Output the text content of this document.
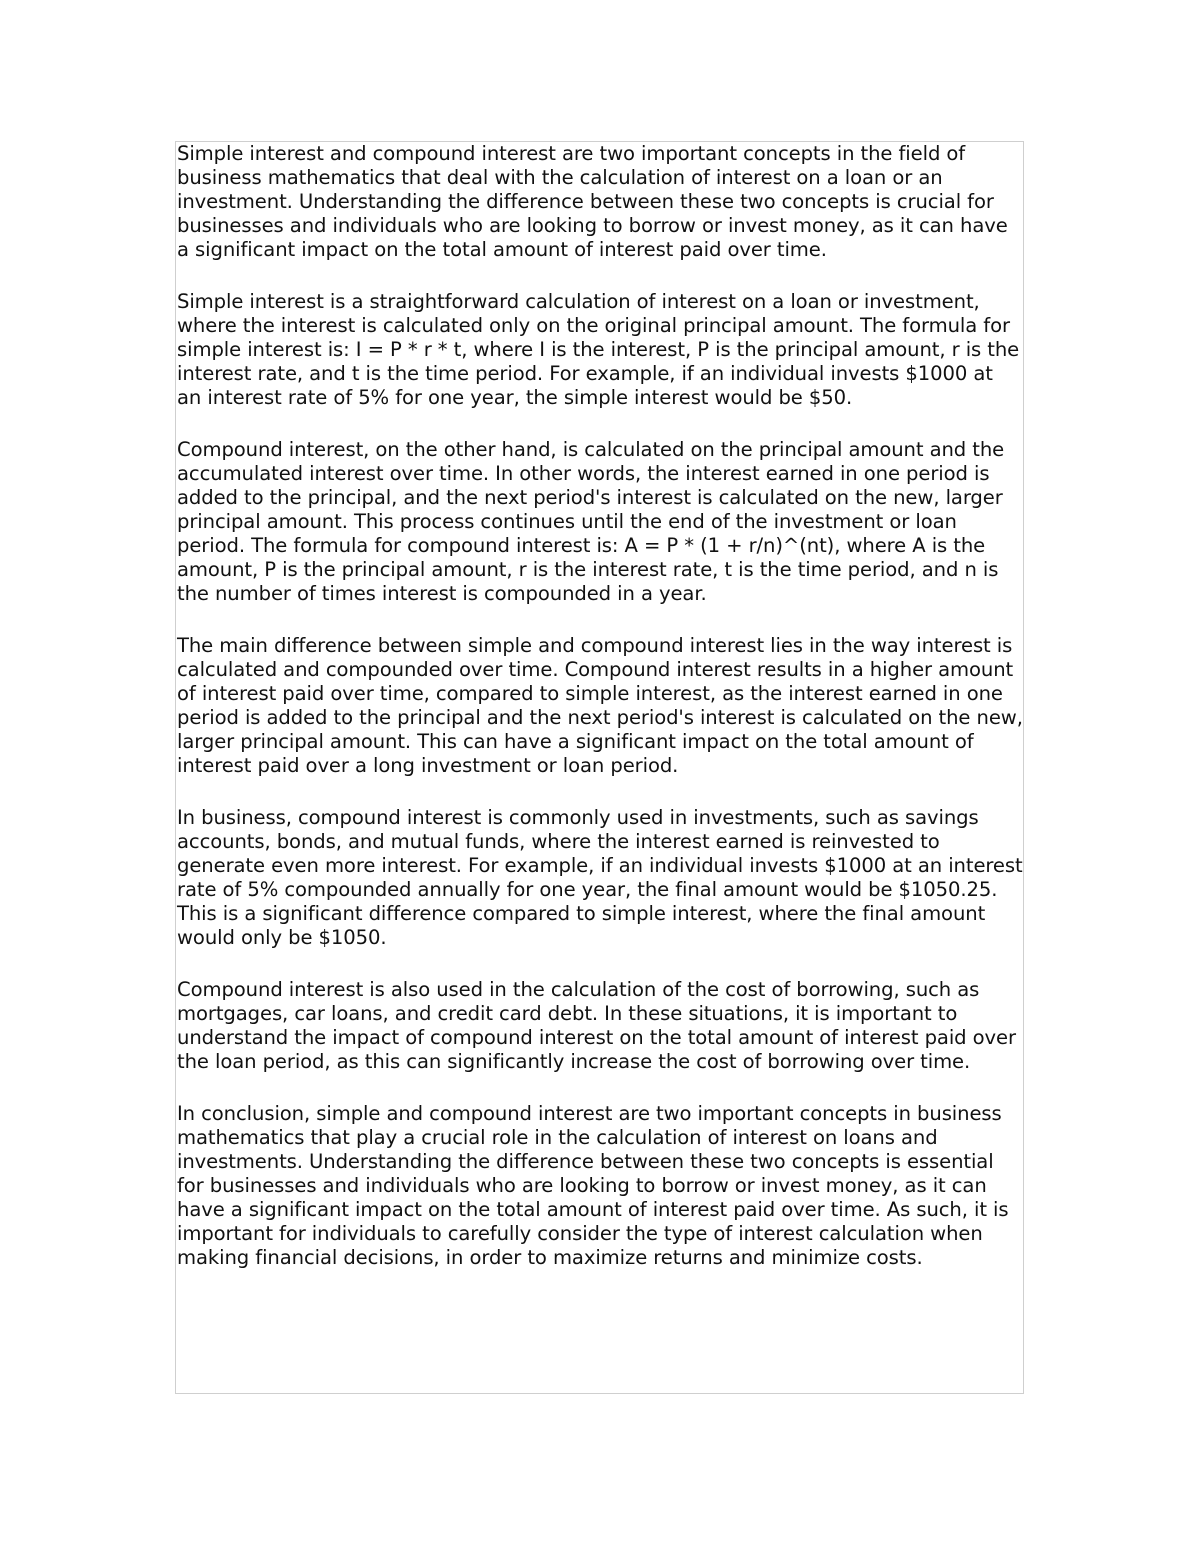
Simple interest and compound interest are two important concepts in the field of business mathematics that deal with the calculation of interest on a loan or an investment. Understanding the difference between these two concepts is crucial for businesses and individuals who are looking to borrow or invest money, as it can have a significant impact on the total amount of interest paid over time.

Simple interest is a straightforward calculation of interest on a loan or investment, where the interest is calculated only on the original principal amount. The formula for simple interest is: I = P * r * t, where I is the interest, P is the principal amount, r is the interest rate, and t is the time period. For example, if an individual invests $1000 at an interest rate of 5% for one year, the simple interest would be $50.

Compound interest, on the other hand, is calculated on the principal amount and the accumulated interest over time. In other words, the interest earned in one period is added to the principal, and the next period's interest is calculated on the new, larger principal amount. This process continues until the end of the investment or loan period. The formula for compound interest is: A = P * (1 + r/n)^(nt), where A is the amount, P is the principal amount, r is the interest rate, t is the time period, and n is the number of times interest is compounded in a year.

The main difference between simple and compound interest lies in the way interest is calculated and compounded over time. Compound interest results in a higher amount of interest paid over time, compared to simple interest, as the interest earned in one period is added to the principal and the next period's interest is calculated on the new, larger principal amount. This can have a significant impact on the total amount of interest paid over a long investment or loan period.

In business, compound interest is commonly used in investments, such as savings accounts, bonds, and mutual funds, where the interest earned is reinvested to generate even more interest. For example, if an individual invests $1000 at an interest rate of 5% compounded annually for one year, the final amount would be $1050.25. This is a significant difference compared to simple interest, where the final amount would only be $1050.

Compound interest is also used in the calculation of the cost of borrowing, such as mortgages, car loans, and credit card debt. In these situations, it is important to understand the impact of compound interest on the total amount of interest paid over the loan period, as this can significantly increase the cost of borrowing over time.

In conclusion, simple and compound interest are two important concepts in business mathematics that play a crucial role in the calculation of interest on loans and investments. Understanding the difference between these two concepts is essential for businesses and individuals who are looking to borrow or invest money, as it can have a significant impact on the total amount of interest paid over time. As such, it is important for individuals to carefully consider the type of interest calculation when making financial decisions, in order to maximize returns and minimize costs.
